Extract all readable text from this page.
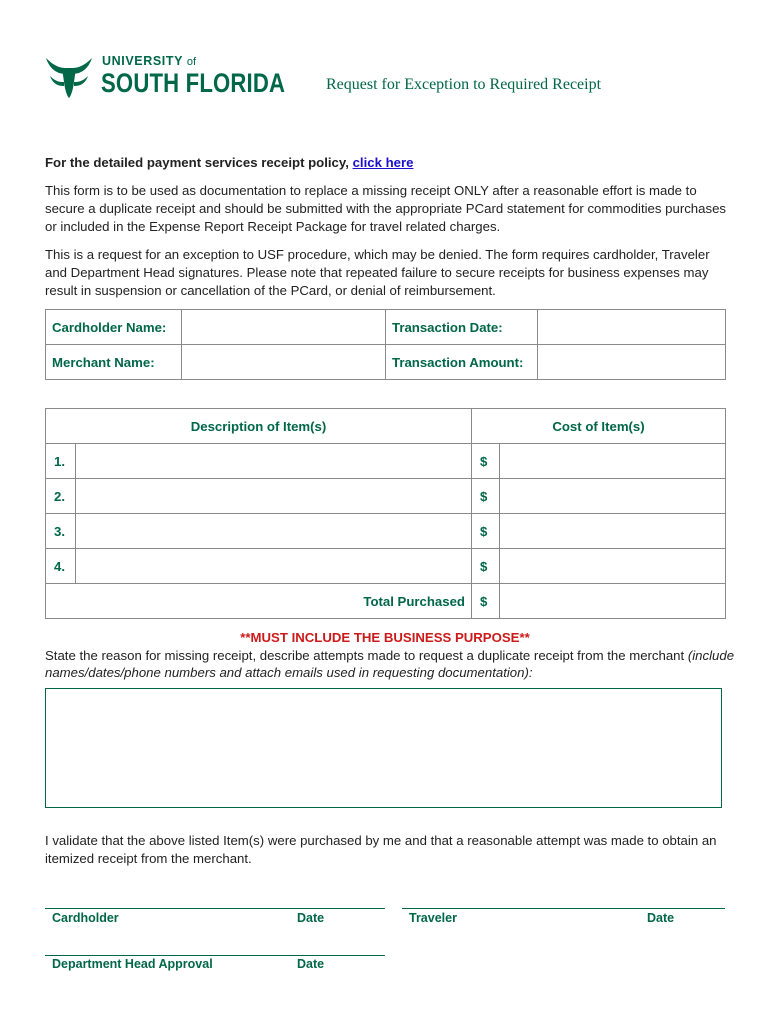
UNIVERSITY of
SOUTH FLORIDA	Request for Exception to Required Receipt
For the detailed payment services receipt policy, click here
This form is to be used as documentation to replace a missing receipt ONLY after a reasonable effort is made to secure a duplicate receipt and should be submitted with the appropriate PCard statement for commodities purchases or included in the Expense Report Receipt Package for travel related charges.
This is a request for an exception to USF procedure, which may be denied. The form requires cardholder, Traveler and Department Head signatures. Please note that repeated failure to secure receipts for business expenses may result in suspension or cancellation of the PCard, or denial of reimbursement.
Cardholder Name:		Transaction Date:	
Merchant Name:		Transaction Amount:	
Description of Item(s)		Cost of Item(s)	
1.		$	
2.		$	
3.		$	
4.		$	
Total Purchased		$	
**MUST INCLUDE THE BUSINESS PURPOSE**
State the reason for missing receipt, describe attempts made to request a duplicate receipt from the merchant (include names/dates/phone numbers and attach emails used in requesting documentation):
I validate that the above listed Item(s) were purchased by me and that a reasonable attempt was made to obtain an itemized receipt from the merchant.
Cardholder	Date	Traveler	Date
Department Head Approval	Date
